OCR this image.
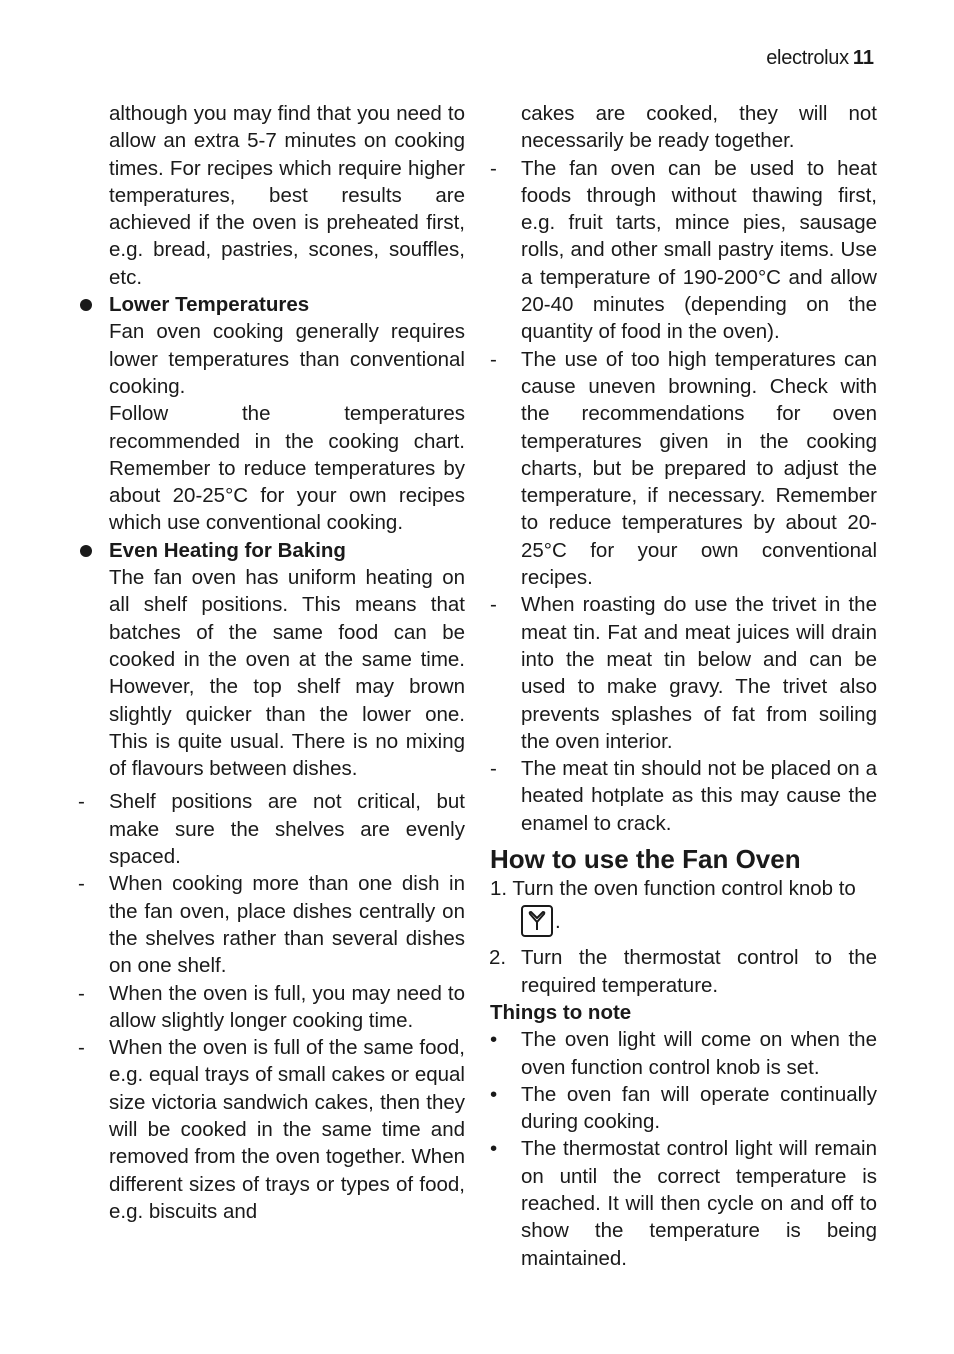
electrolux 11

although you may find that you need to allow an extra 5-7 minutes on cooking times. For recipes which require higher temperatures, best results are achieved if the oven is preheated first, e.g. bread, pastries, scones, souffles, etc.

Lower Temperatures

Fan oven cooking generally requires lower temperatures than conventional cooking.

Follow the temperatures recommended in the cooking chart. Remember to reduce temperatures by about 20-25°C for your own recipes which use conventional cooking.

Even Heating for Baking

The fan oven has uniform heating on all shelf positions. This means that batches of the same food can be cooked in the oven at the same time. However, the top shelf may brown slightly quicker than the lower one. This is quite usual. There is no mixing of flavours between dishes.

- Shelf positions are not critical, but make sure the shelves are evenly spaced.

- When cooking more than one dish in the fan oven, place dishes centrally on the shelves rather than several dishes on one shelf.

- When the oven is full, you may need to allow slightly longer cooking time.

- When the oven is full of the same food, e.g. equal trays of small cakes or equal size victoria sandwich cakes, then they will be cooked in the same time and removed from the oven together. When different sizes of trays or types of food, e.g. biscuits and

cakes are cooked, they will not necessarily be ready together.

- The fan oven can be used to heat foods through without thawing first, e.g. fruit tarts, mince pies, sausage rolls, and other small pastry items. Use a temperature of 190-200°C and allow 20-40 minutes (depending on the quantity of food in the oven).

- The use of too high temperatures can cause uneven browning. Check with the recommendations for oven temperatures given in the cooking charts, but be prepared to adjust the temperature, if necessary. Remember to reduce temperatures by about 20-25°C for your own conventional recipes.

- When roasting do use the trivet in the meat tin. Fat and meat juices will drain into the meat tin below and can be used to make gravy. The trivet also prevents splashes of fat from soiling the oven interior.

- The meat tin should not be placed on a heated hotplate as this may cause the enamel to crack.

How to use the Fan Oven
1. Turn the oven function control knob to
.
2. Turn the thermostat control to the required temperature.

Things to note
• The oven light will come on when the oven function control knob is set.

• The oven fan will operate continually during cooking.

• The thermostat control light will remain on until the correct temperature is reached. It will then cycle on and off to show the temperature is being maintained.
